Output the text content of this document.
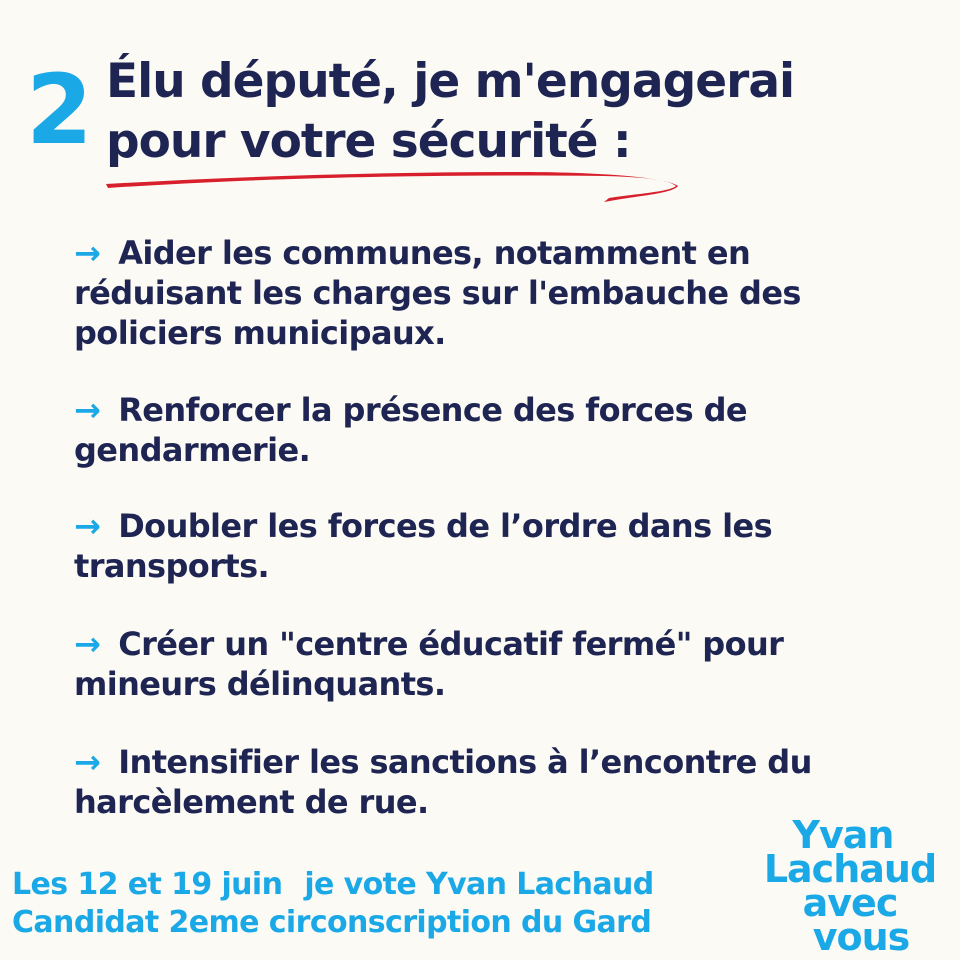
2 Élu député, je m'engagerai
pour votre sécurité :
→ Aider les communes, notamment en
réduisant les charges sur l'embauche des
policiers municipaux.
→ Renforcer la présence des forces de
gendarmerie.
→ Doubler les forces de l’ordre dans les
transports.
→ Créer un "centre éducatif fermé" pour
mineurs délinquants.
→ Intensifier les sanctions à l’encontre du
harcèlement de rue.
Les 12 et 19 juin je vote Yvan Lachaud
Candidat 2eme circonscription du Gard
Yvan
Lachaud
avec
vous
